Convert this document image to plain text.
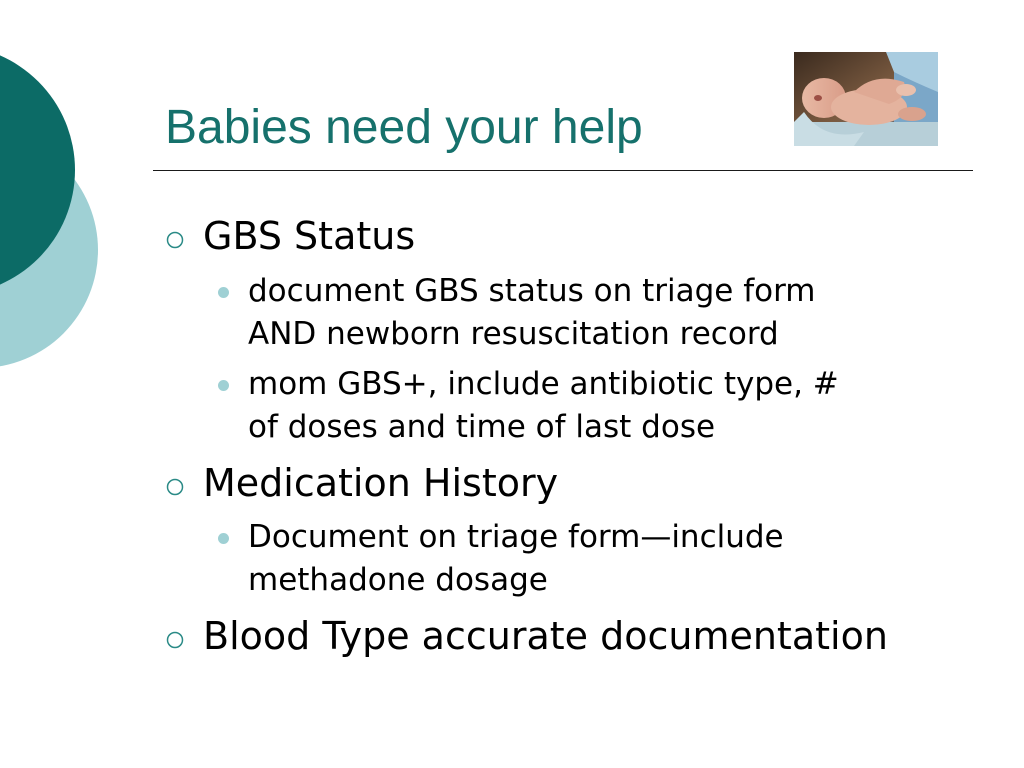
Babies need your help
GBS Status
document GBS status on triage form
AND newborn resuscitation record
mom GBS+, include antibiotic type, #
of doses and time of last dose
Medication History
Document on triage form—include
methadone dosage
Blood Type accurate documentation
